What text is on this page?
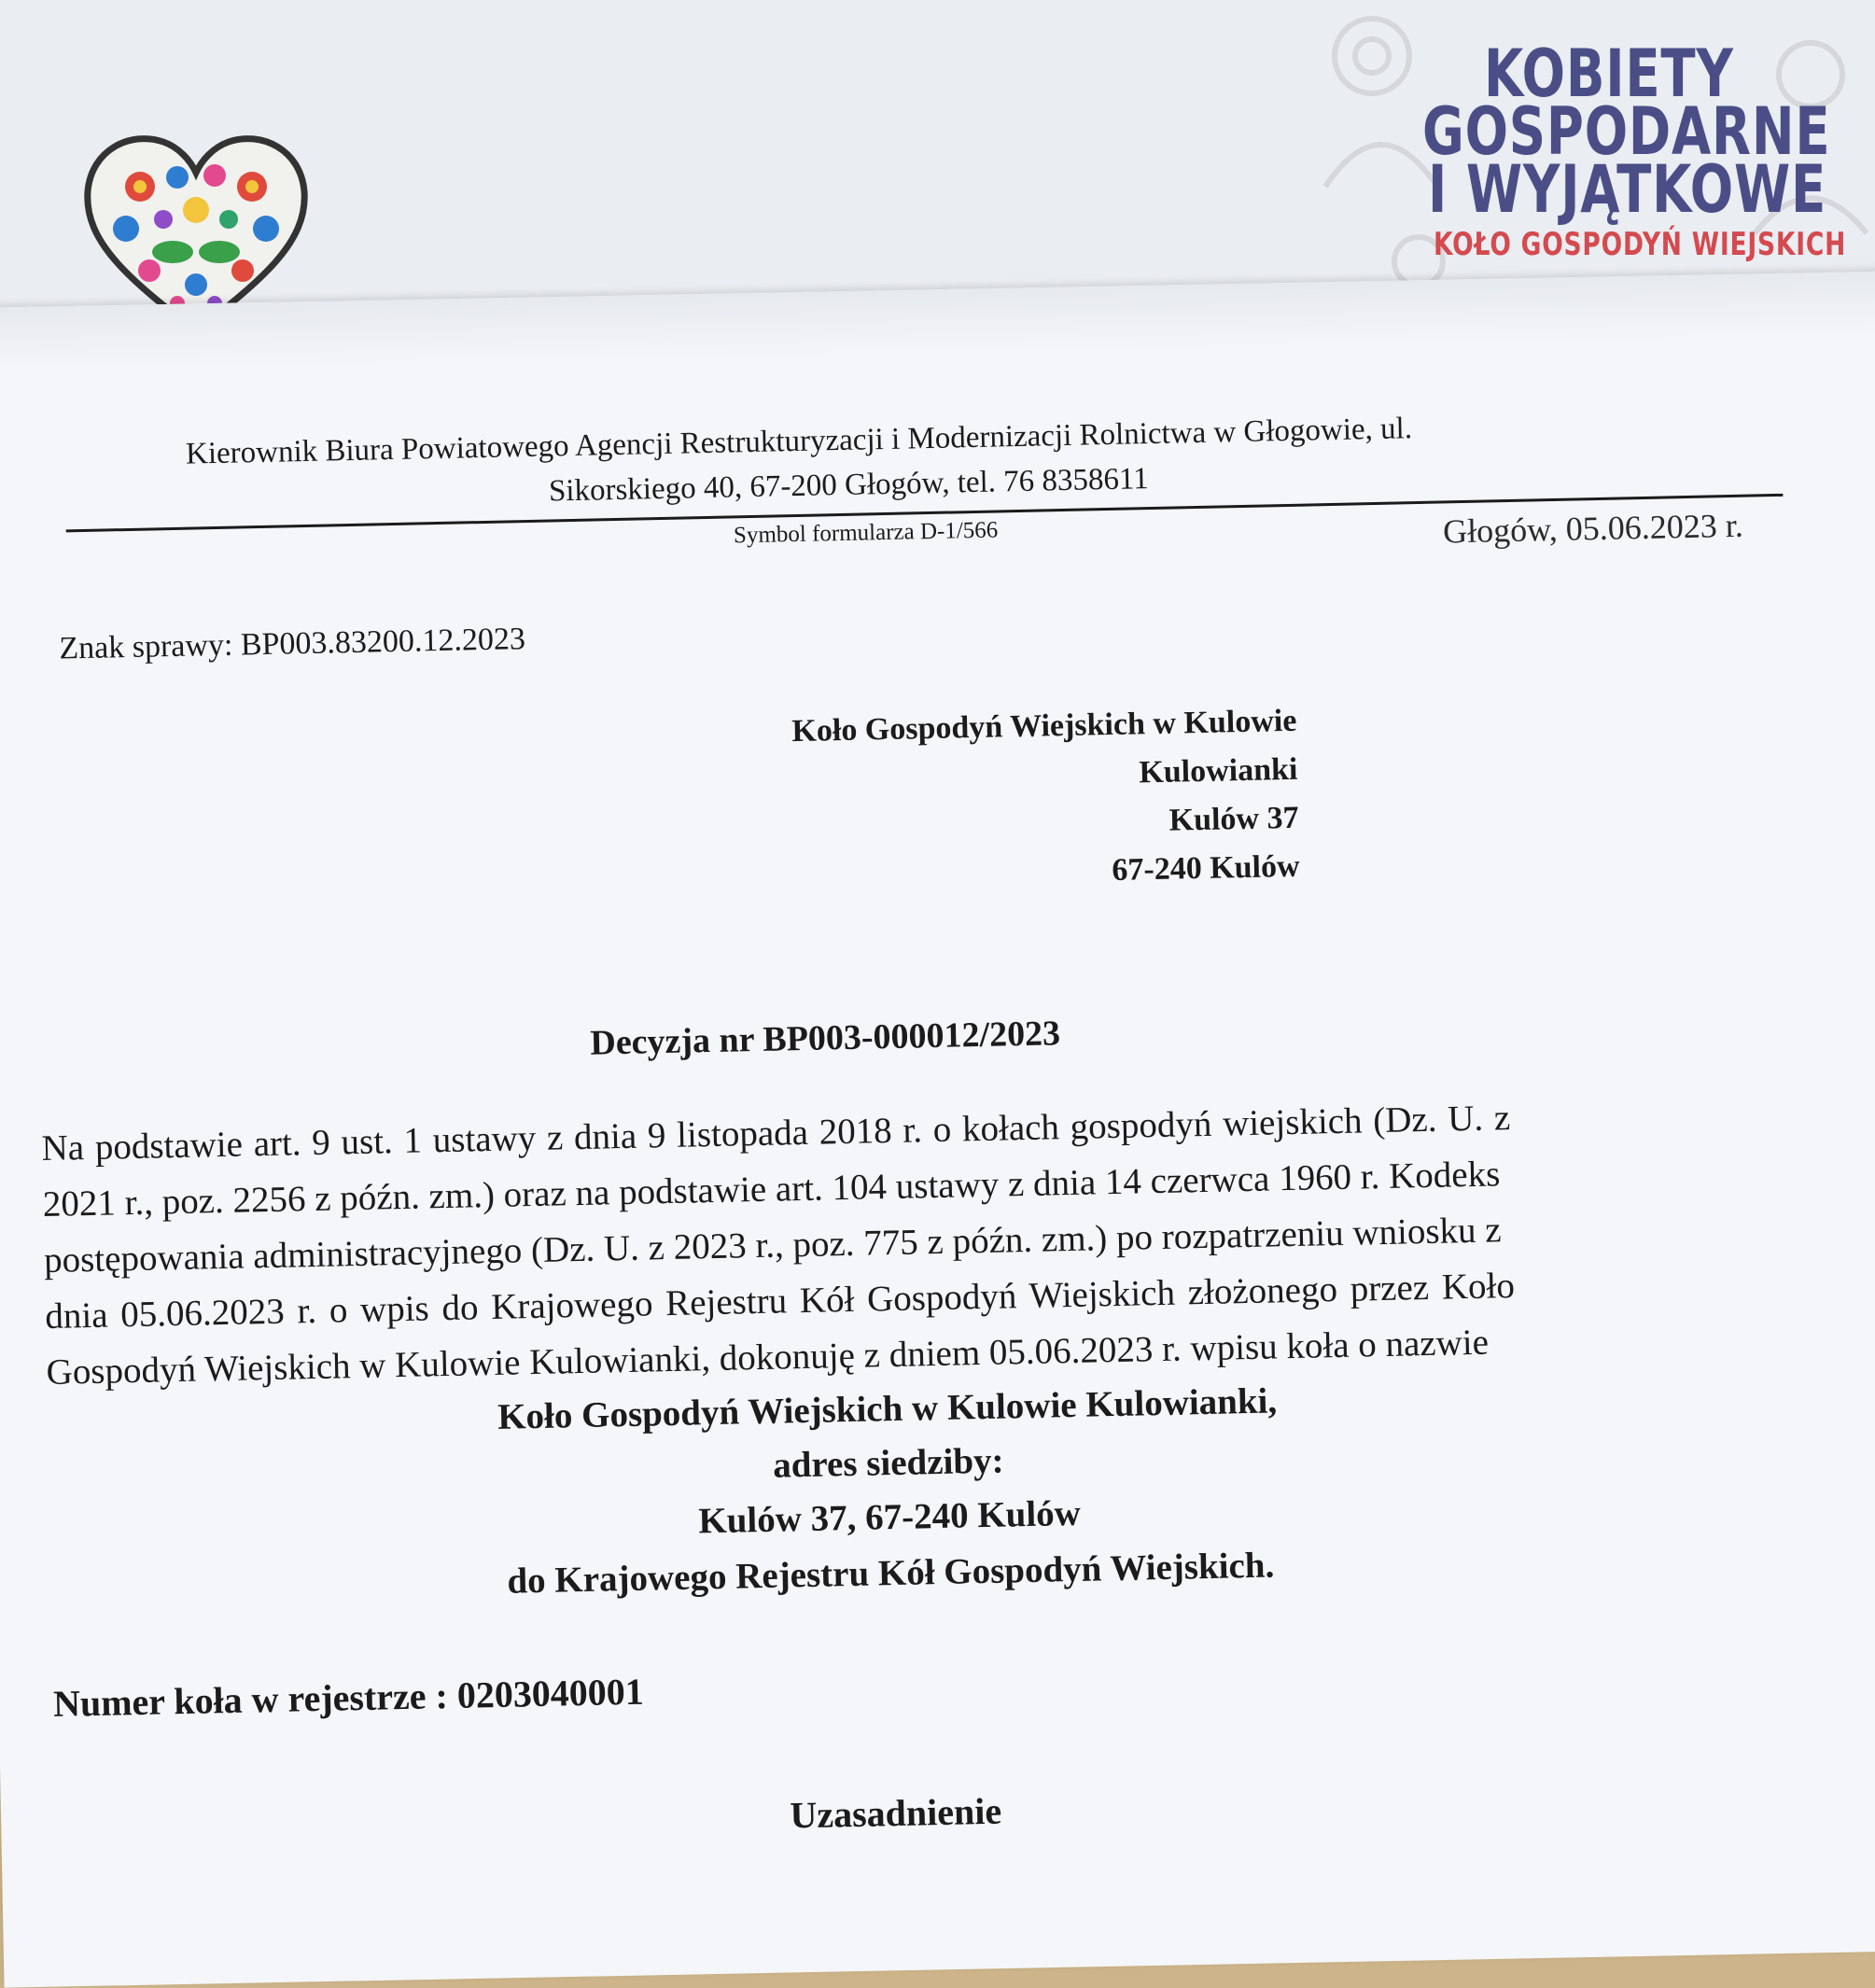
KOBIETY
GOSPODARNE
I WYJĄTKOWE
KOŁO GOSPODYŃ WIEJSKICH
Kierownik Biura Powiatowego Agencji Restrukturyzacji i Modernizacji Rolnictwa w Głogowie, ul.
Sikorskiego 40, 67-200 Głogów, tel. 76 8358611
Symbol formularza D-1/566	Głogów, 05.06.2023 r.
Znak sprawy: BP003.83200.12.2023
Koło Gospodyń Wiejskich w Kulowie
Kulowianki
Kulów 37
67-240 Kulów
Decyzja nr BP003-000012/2023
Na podstawie art. 9 ust. 1 ustawy z dnia 9 listopada 2018 r. o kołach gospodyń wiejskich (Dz. U. z
2021 r., poz. 2256 z późn. zm.) oraz na podstawie art. 104 ustawy z dnia 14 czerwca 1960 r. Kodeks
postępowania administracyjnego (Dz. U. z 2023 r., poz. 775 z późn. zm.) po rozpatrzeniu wniosku z
dnia 05.06.2023 r. o wpis do Krajowego Rejestru Kół Gospodyń Wiejskich złożonego przez Koło
Gospodyń Wiejskich w Kulowie Kulowianki, dokonuję z dniem 05.06.2023 r. wpisu koła o nazwie
Koło Gospodyń Wiejskich w Kulowie Kulowianki,
adres siedziby:
Kulów 37, 67-240 Kulów
do Krajowego Rejestru Kół Gospodyń Wiejskich.
Numer koła w rejestrze : 0203040001
Uzasadnienie
